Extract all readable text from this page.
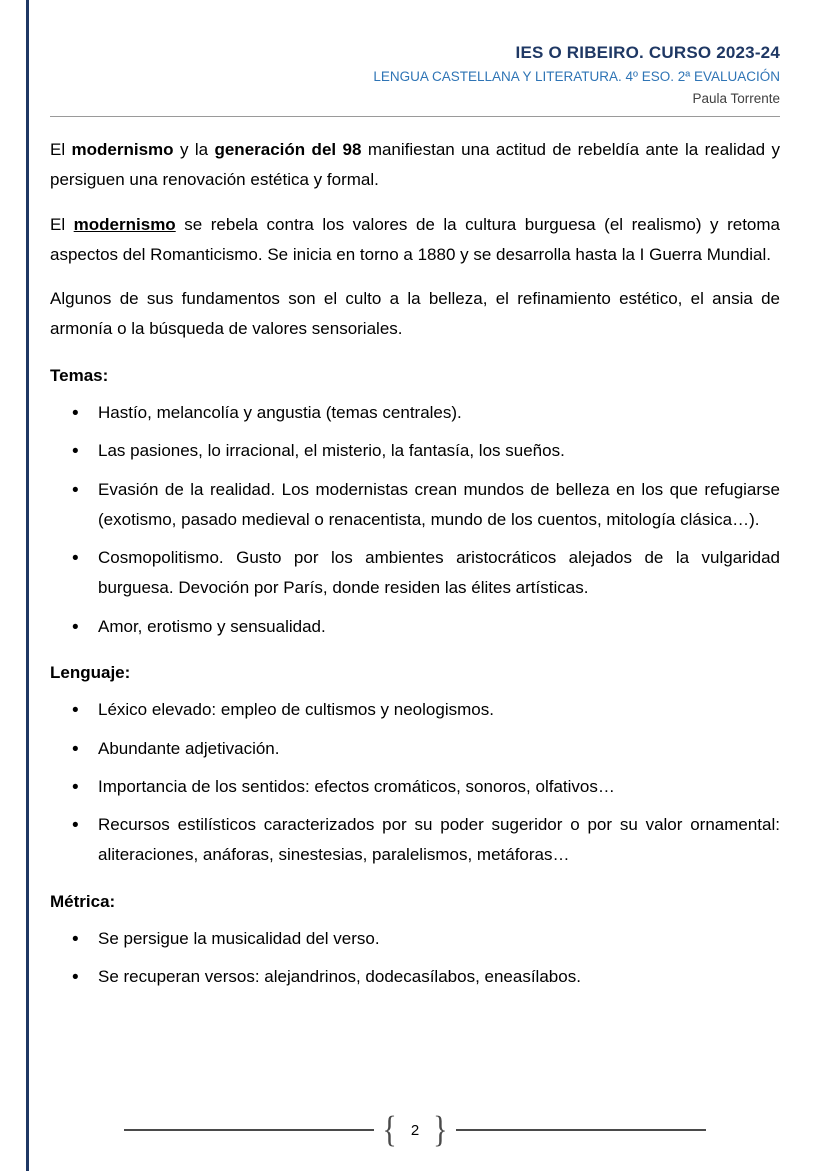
IES O RIBEIRO. CURSO 2023-24
LENGUA CASTELLANA Y LITERATURA. 4º ESO. 2ª EVALUACIÓN
Paula Torrente

El modernismo y la generación del 98 manifiestan una actitud de rebeldía ante la realidad y persiguen una renovación estética y formal.

El modernismo se rebela contra los valores de la cultura burguesa (el realismo) y retoma aspectos del Romanticismo. Se inicia en torno a 1880 y se desarrolla hasta la I Guerra Mundial.

Algunos de sus fundamentos son el culto a la belleza, el refinamiento estético, el ansia de armonía o la búsqueda de valores sensoriales.

Temas:
• Hastío, melancolía y angustia (temas centrales).
• Las pasiones, lo irracional, el misterio, la fantasía, los sueños.
• Evasión de la realidad. Los modernistas crean mundos de belleza en los que refugiarse (exotismo, pasado medieval o renacentista, mundo de los cuentos, mitología clásica…).
• Cosmopolitismo. Gusto por los ambientes aristocráticos alejados de la vulgaridad burguesa. Devoción por París, donde residen las élites artísticas.
• Amor, erotismo y sensualidad.
Lenguaje:
• Léxico elevado: empleo de cultismos y neologismos.
• Abundante adjetivación.
• Importancia de los sentidos: efectos cromáticos, sonoros, olfativos…
• Recursos estilísticos caracterizados por su poder sugeridor o por su valor ornamental: aliteraciones, anáforas, sinestesias, paralelismos, metáforas…
Métrica:
• Se persigue la musicalidad del verso.
• Se recuperan versos: alejandrinos, dodecasílabos, eneasílabos.
{ 2 }
